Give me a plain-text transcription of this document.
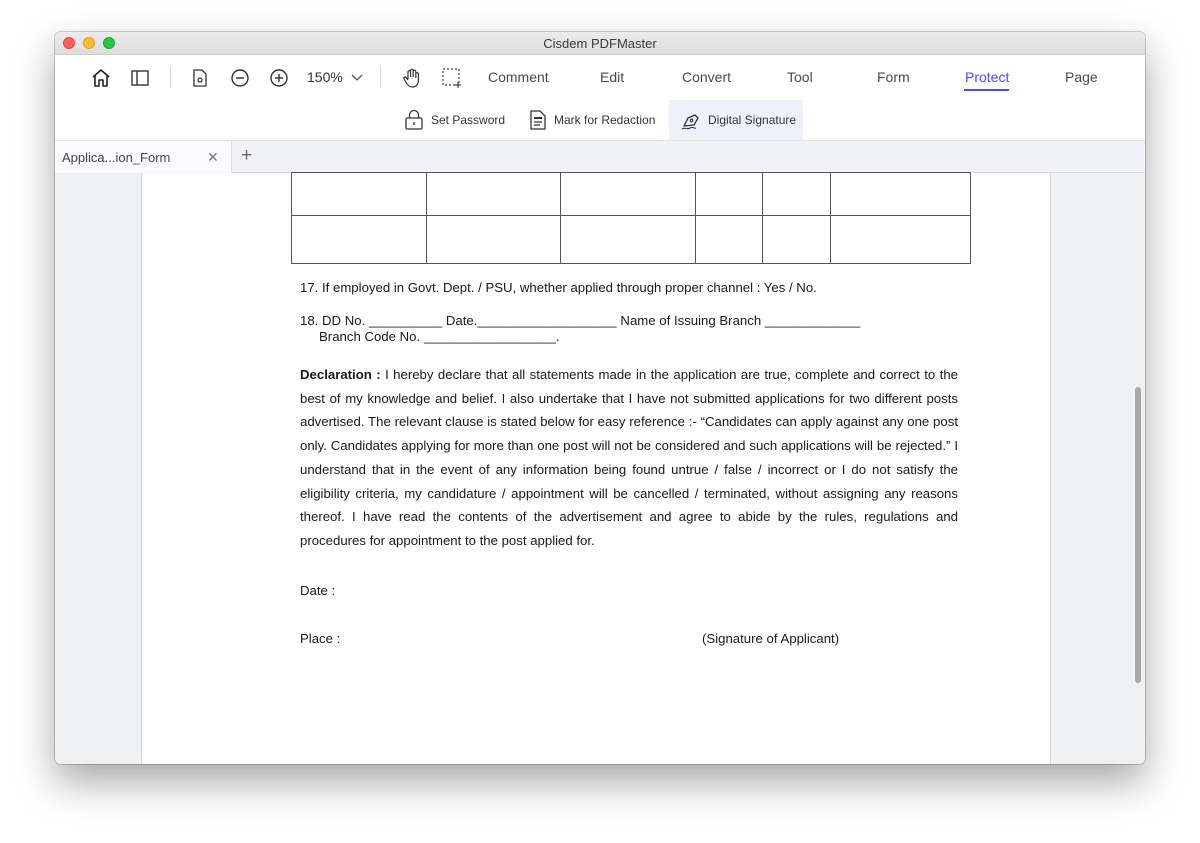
Cisdem PDFMaster
150%	Comment	Edit	Convert	Tool	Form	Protect	Page
Set Password	Mark for Redaction	Digital Signature
Applica...ion_Form	✕ +

17. If employed in Govt. Dept. / PSU, whether applied through proper channel : Yes / No.
18. DD No. __________ Date.___________________ Name of Issuing Branch _____________
Branch Code No. __________________.
Declaration : I hereby declare that all statements made in the application are true, complete and correct to the best of my knowledge and belief. I also undertake that I have not submitted applications for two different posts advertised. The relevant clause is stated below for easy reference :- “Candidates can apply against any one post only. Candidates applying for more than one post will not be considered and such applications will be rejected.” I understand that in the event of any information being found untrue / false / incorrect or I do not satisfy the eligibility criteria, my candidature / appointment will be cancelled / terminated, without assigning any reasons thereof. I have read the contents of the advertisement and agree to abide by the rules, regulations and procedures for appointment to the post applied for.
Date :
Place :	(Signature of Applicant)
